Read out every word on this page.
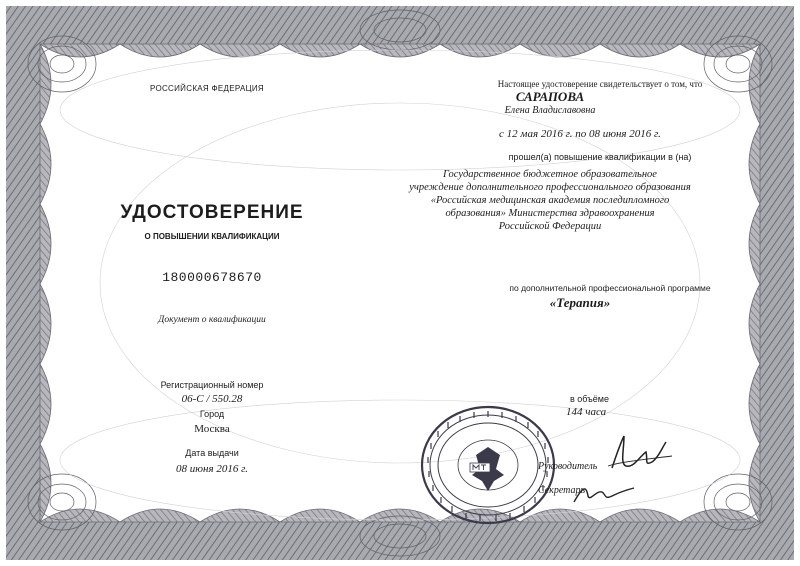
РОССИЙСКАЯ ФЕДЕРАЦИЯ
УДОСТОВЕРЕНИЕ
О ПОВЫШЕНИИ КВАЛИФИКАЦИИ
180000678670
Документ о квалификации
Регистрационный номер
06-С / 550.28
Город
Москва
Дата выдачи
08 июня 2016 г.
Настоящее удостоверение свидетельствует о том, что
САРАПОВА
Елена Владиславовна
с 12 мая 2016 г. по 08 июня 2016 г.
прошел(а) повышение квалификации в (на)
Государственное бюджетное образовательное
учреждение дополнительного профессионального образования
«Российская медицинская академия последипломного
образования» Министерства здравоохранения
Российской Федерации
по дополнительной профессиональной программе
«Терапия»
в объёме
144 часа
Руководитель
Секретарь
